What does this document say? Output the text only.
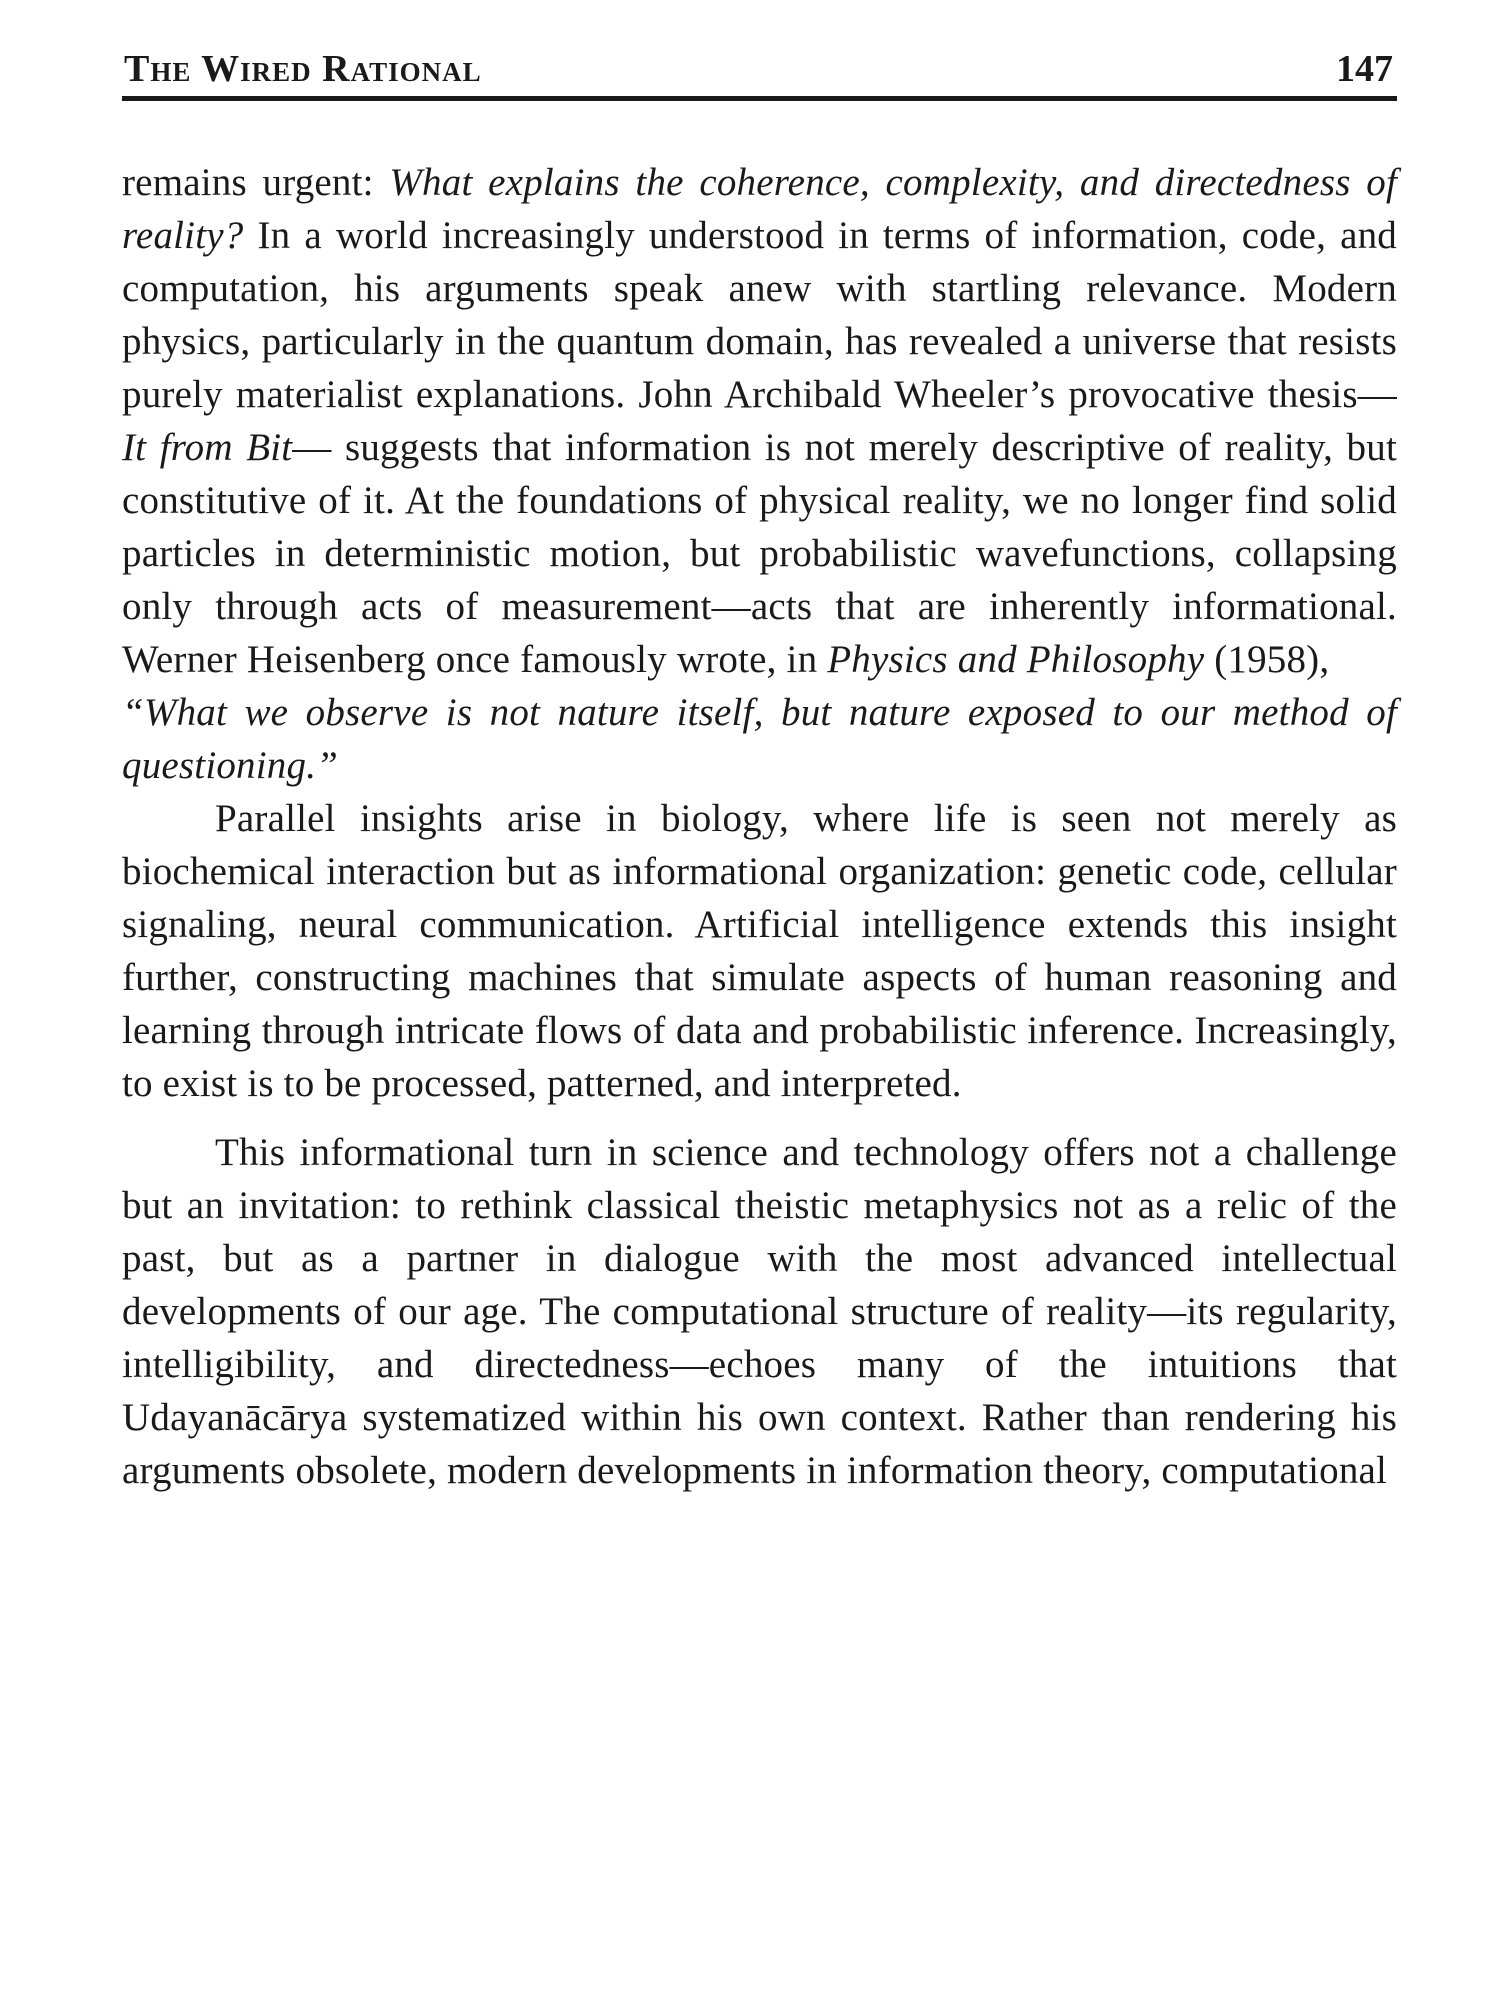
The Wired Rational	147

remains urgent: What explains the coherence, complexity, and directedness of reality? In a world increasingly understood in terms of information, code, and computation, his arguments speak anew with startling relevance. Modern physics, particularly in the quantum domain, has revealed a universe that resists purely materialist explanations. John Archibald Wheeler’s provocative thesis—It from Bit— suggests that information is not merely descriptive of reality, but constitutive of it. At the foundations of physical reality, we no longer find solid particles in deterministic motion, but probabilistic wavefunctions, collapsing only through acts of measurement—acts that are inherently informational. Werner Heisenberg once famously wrote, in Physics and Philosophy (1958),

“What we observe is not nature itself, but nature exposed to our method of questioning.”

Parallel insights arise in biology, where life is seen not merely as biochemical interaction but as informational organization: genetic code, cellular signaling, neural communication. Artificial intelligence extends this insight further, constructing machines that simulate aspects of human reasoning and learning through intricate flows of data and probabilistic inference. Increasingly, to exist is to be processed, patterned, and interpreted.

This informational turn in science and technology offers not a challenge but an invitation: to rethink classical theistic metaphysics not as a relic of the past, but as a partner in dialogue with the most advanced intellectual developments of our age. The computational structure of reality—its regularity, intelligibility, and directedness—echoes many of the intuitions that Udayanācārya systematized within his own context. Rather than rendering his arguments obsolete, modern developments in information theory, computational
